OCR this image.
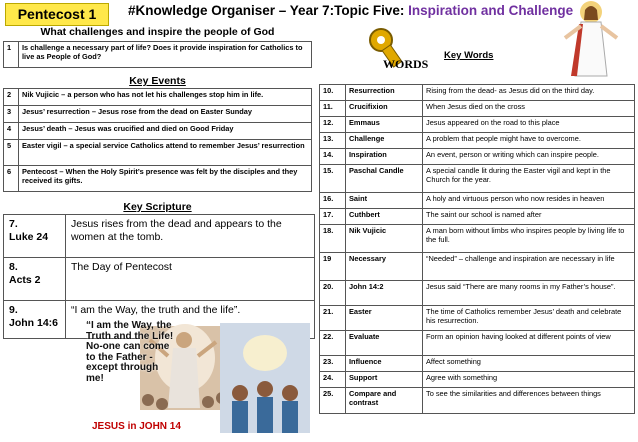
Pentecost 1	#Knowledge Organiser – Year 7:Topic Five: Inspiration and Challenge
What challenges and inspire the people of God
1	Is challenge a necessary part of life? Does it provide inspiration for Catholics to live as People of God?
Key Events
2	Nik Vujicic – a person who has not let his challenges stop him in life.
3	Jesus’ resurrection – Jesus rose from the dead on Easter Sunday
4	Jesus’ death – Jesus was crucified and died on Good Friday
5	Easter vigil – a special service Catholics attend to remember Jesus’ resurrection
6	Pentecost – When the Holy Spirit’s presence was felt by the disciples and they received its gifts.
Key Scripture
7.
Luke 24	Jesus rises from the dead and appears to the women at the tomb.

8.
Acts 2	The Day of Pentecost

9.
John 14:6	“I am the Way, the truth and the life”.
“I am the Way, the Truth and the Life! No-one can come to the Father - except through me!
JESUS in JOHN 14
WORDS
Key Words
10.	Resurrection	Rising from the dead- as Jesus did on the third day.
11.	Crucifixion	When Jesus died on the cross
12.	Emmaus	Jesus appeared on the road to this place
13.	Challenge	A problem that people might have to overcome.
14.	Inspiration	An event, person or writing which can inspire people.
15.	Paschal Candle	A special candle lit during the Easter vigil and kept in the Church for the year.
16.	Saint	A holy and virtuous person who now resides in heaven
17.	Cuthbert	The saint our school is named after
18.	Nik Vujicic	A man born without limbs who inspires people by living life to the full.
19	Necessary	“Needed” – challenge and inspiration are necessary in life
20.	John 14:2	Jesus said “There are many rooms in my Father’s house”.
21.	Easter	The time of Catholics remember Jesus’ death and celebrate his resurrection.
22.	Evaluate	Form an opinion having looked at different points of view
23.	Influence	Affect something
24.	Support	Agree with something
25.	Compare and contrast	To see the similarities and differences between things
